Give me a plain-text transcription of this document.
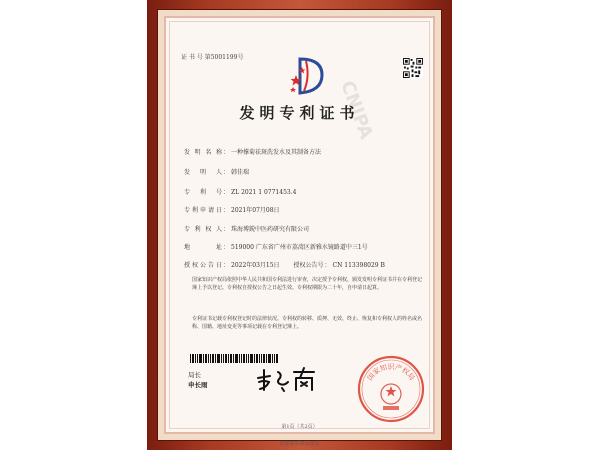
CNIPA
证 书 号 第5001199号
发明专利证书
发明名称： 一种撑菊祛斑洗发水及其制备方法
发明人： 韩佳瑞
专利号： ZL 2021 1 0771453.4
专利申请日： 2021年07月08日
专利权人： 珠海博鋭中医药研究有限公司
地址： 519000 广东省广州市荔湾区新雅水镜路道中三1号
授权公告日： 2022年03月15日 授权公告号： CN 113398029 B
国家知识产权局依照中华人民共和国专利法进行审查，决定授予专利权，颁发发明专利证书并在专利登记簿上予以登记。专利权自授权公告之日起生效。专利权期限为二十年，自申请日起算。
专利证书记载专利权登记时的法律状况。专利权的转移、质押、无效、终止、恢复和专利权人的姓名或名称、国籍、地址变更等事项记载在专利登记簿上。
局长
申长雨
国家知识产权局
第1页（共2页）
其他事项参见续页
